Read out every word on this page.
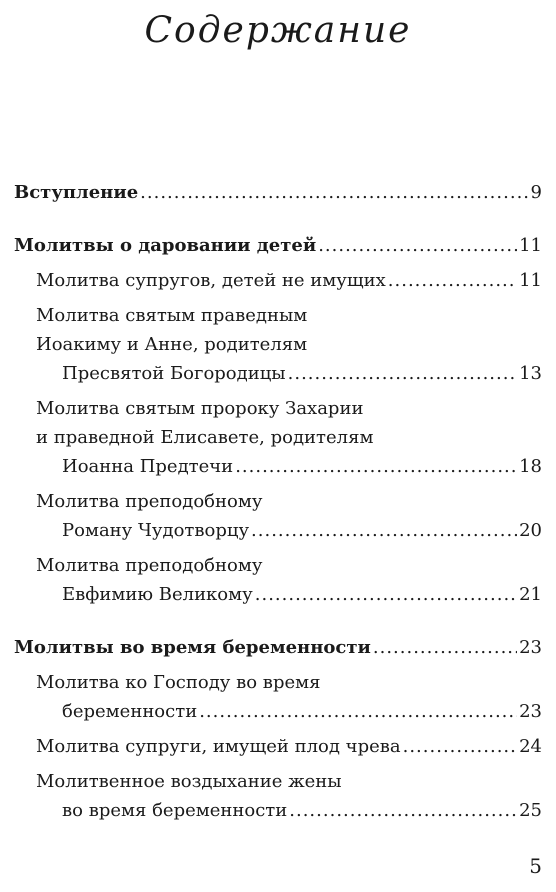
Содержание
Вступление .....	9
Молитвы о даровании детей .....	11
Молитва супругов, детей не имущих .....	11
Молитва святым праведным
Иоакиму и Анне, родителям
Пресвятой Богородицы .....	13
Молитва святым пророку Захарии
и праведной Елисавете, родителям
Иоанна Предтечи .....	18
Молитва преподобному
Роману Чудотворцу .....	20
Молитва преподобному
Евфимию Великому .....	21
Молитвы во время беременности .....	23
Молитва ко Господу во время
беременности .....	23
Молитва супруги, имущей плод чрева .....	24
Молитвенное воздыхание жены
во время беременности .....	25
5
